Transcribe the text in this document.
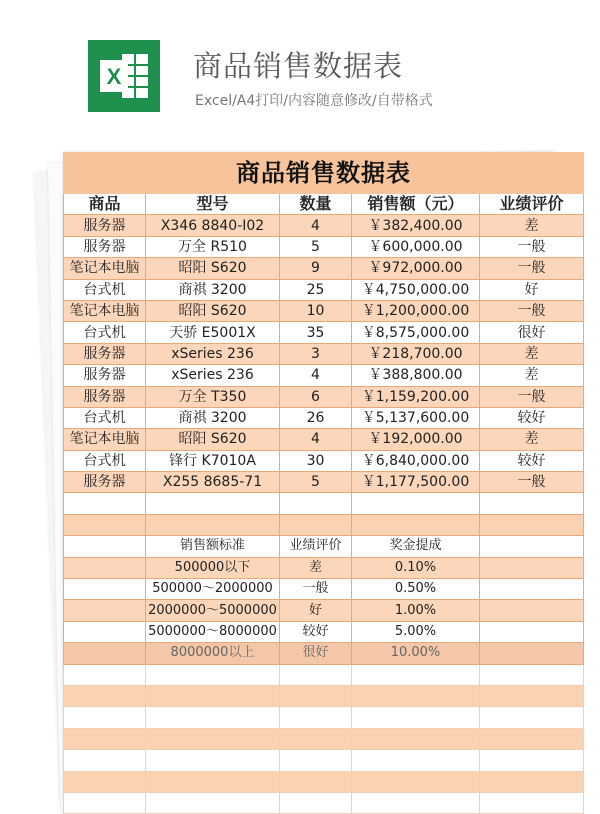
X 商品销售数据表
Excel/A4打印/内容随意修改/自带格式
商品销售数据表				
商品	型号	数量	销售额（元）	业绩评价
服务器	X346 8840-I02	4	￥382,400.00	差
服务器	万全 R510	5	￥600,000.00	一般
笔记本电脑	昭阳 S620	9	￥972,000.00	一般
台式机	商祺 3200	25	￥4,750,000.00	好
笔记本电脑	昭阳 S620	10	￥1,200,000.00	一般
台式机	天骄 E5001X	35	￥8,575,000.00	很好
服务器	xSeries 236	3	￥218,700.00	差
服务器	xSeries 236	4	￥388,800.00	差
服务器	万全 T350	6	￥1,159,200.00	一般
台式机	商祺 3200	26	￥5,137,600.00	较好
笔记本电脑	昭阳 S620	4	￥192,000.00	差
台式机	锋行 K7010A	30	￥6,840,000.00	较好
服务器	X255 8685-71	5	￥1,177,500.00	一般

	销售额标准	业绩评价	奖金提成	
	500000以下	差	0.10%	
	500000～2000000	一般	0.50%	
	2000000～5000000	好	1.00%	
	5000000～8000000	较好	5.00%	
	8000000以上	很好	10.00%	
